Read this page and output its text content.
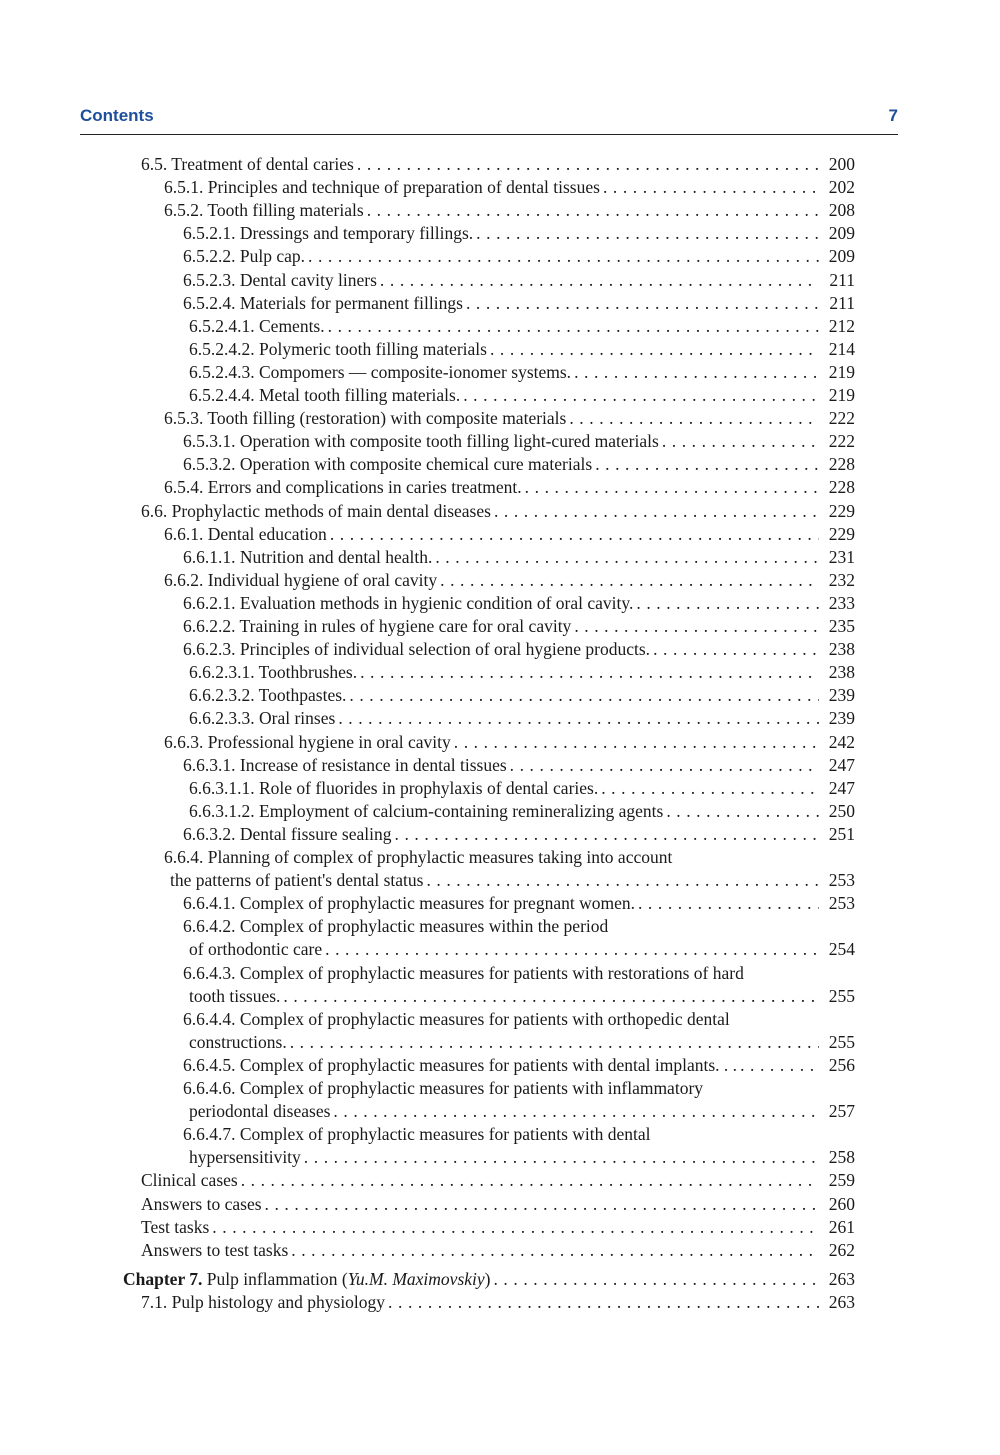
Contents	7
6.5. Treatment of dental caries . . .	200
6.5.1. Principles and technique of preparation of dental tissues . . .	202
6.5.2. Tooth filling materials . . .	208
6.5.2.1. Dressings and temporary fillings. . . .	209
6.5.2.2. Pulp cap. . . .	209
6.5.2.3. Dental cavity liners . . .	211
6.5.2.4. Materials for permanent fillings . . .	211
6.5.2.4.1. Cements. . . .	212
6.5.2.4.2. Polymeric tooth filling materials . . .	214
6.5.2.4.3. Compomers — composite-ionomer systems. . . .	219
6.5.2.4.4. Metal tooth filling materials. . . .	219
6.5.3. Tooth filling (restoration) with composite materials . . .	222
6.5.3.1. Operation with composite tooth filling light-cured materials . . .	222
6.5.3.2. Operation with composite chemical cure materials . . .	228
6.5.4. Errors and complications in caries treatment. . . .	228
6.6. Prophylactic methods of main dental diseases . . .	229
6.6.1. Dental education . . .	229
6.6.1.1. Nutrition and dental health. . . .	231
6.6.2. Individual hygiene of oral cavity . . .	232
6.6.2.1. Evaluation methods in hygienic condition of oral cavity. . . .	233
6.6.2.2. Training in rules of hygiene care for oral cavity . . .	235
6.6.2.3. Principles of individual selection of oral hygiene products. . . .	238
6.6.2.3.1. Toothbrushes. . . .	238
6.6.2.3.2. Toothpastes. . . .	239
6.6.2.3.3. Oral rinses . . .	239
6.6.3. Professional hygiene in oral cavity . . .	242
6.6.3.1. Increase of resistance in dental tissues . . .	247
6.6.3.1.1. Role of fluorides in prophylaxis of dental caries. . . .	247
6.6.3.1.2. Employment of calcium-containing remineralizing agents . . .	250
6.6.3.2. Dental fissure sealing . . .	251
6.6.4. Planning of complex of prophylactic measures taking into account
the patterns of patient's dental status . . .	253
6.6.4.1. Complex of prophylactic measures for pregnant women. . . .	253
6.6.4.2. Complex of prophylactic measures within the period
of orthodontic care . . .	254
6.6.4.3. Complex of prophylactic measures for patients with restorations of hard
tooth tissues. . . .	255
6.6.4.4. Complex of prophylactic measures for patients with orthopedic dental
constructions. . . .	255
6.6.4.5. Complex of prophylactic measures for patients with dental implants. . . . . .	256
6.6.4.6. Complex of prophylactic measures for patients with inflammatory
periodontal diseases . . .	257
6.6.4.7. Complex of prophylactic measures for patients with dental
hypersensitivity . . .	258
Clinical cases . . .	259
Answers to cases . . .	260
Test tasks . . .	261
Answers to test tasks . . .	262
Chapter 7. Pulp inflammation (Yu.M. Maximovskiy) . . .	263
7.1. Pulp histology and physiology . . .	263
